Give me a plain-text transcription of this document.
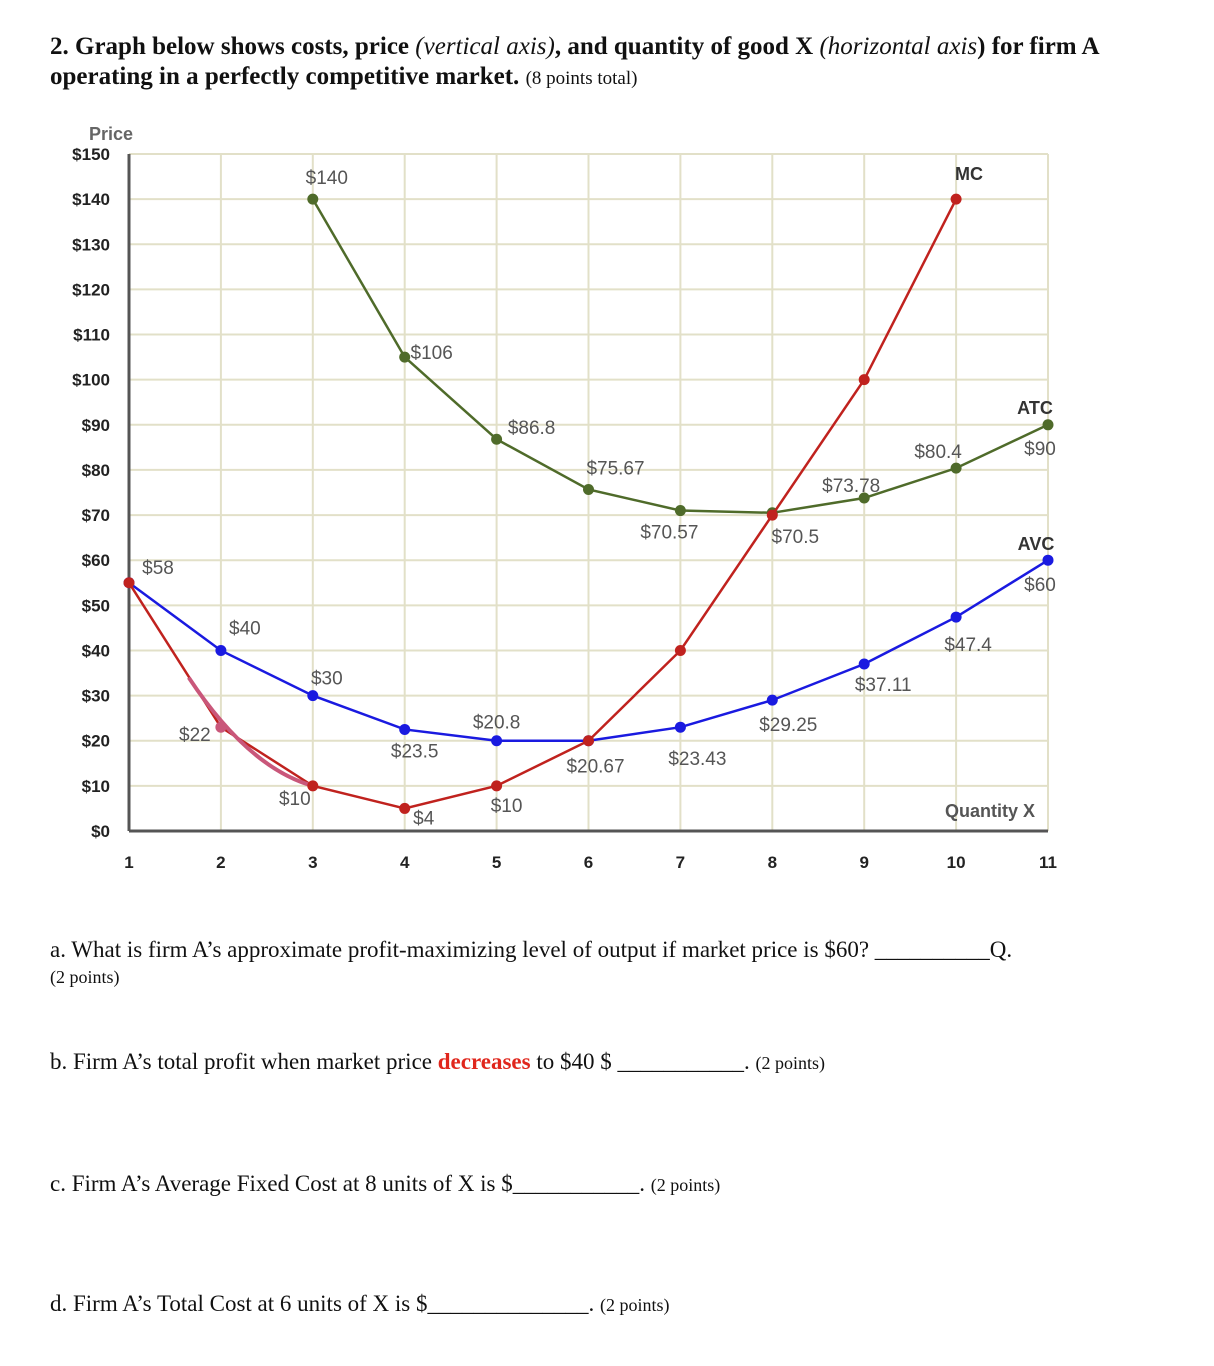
2. Graph below shows costs, price (vertical axis), and quantity of good X (horizontal axis) for firm A operating in a perfectly competitive market. (8 points total)
$0
$10
$20
$30
$40
$50
$60
$70
$80
$90
$100
$110
$120
$130
$140
$150
1	2	3	4	5	6	7	8	9	10	11
Price
Quantity X
$140
$106
$86.8
$75.67
$70.57	$70.5
$73.78
$80.4	$90
ATC
$58
$40
$30
$23.5
$20.8
$20.67 $23.43
$29.25
$37.11
$47.4
$60
AVC
$22
$10
$4
$10
MC
a. What is firm A’s approximate profit-maximizing level of output if market price is $60? __________Q.
(2 points)
b. Firm A’s total profit when market price decreases to $40 $ ___________. (2 points)
c. Firm A’s Average Fixed Cost at 8 units of X is $___________. (2 points)
d. Firm A’s Total Cost at 6 units of X is $______________. (2 points)
